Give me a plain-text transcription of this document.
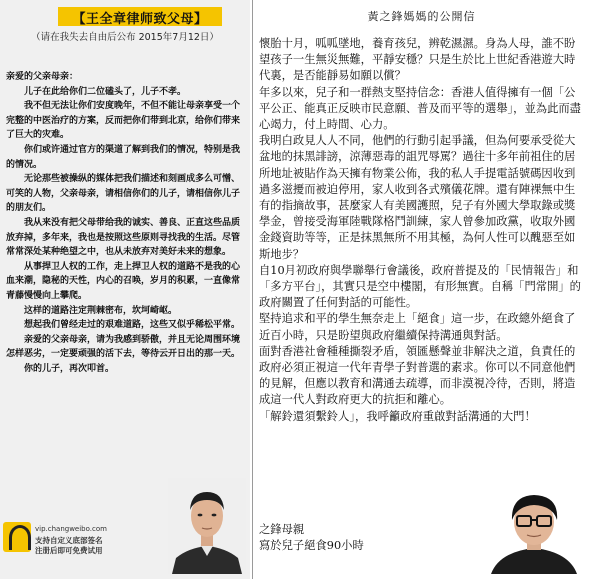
【王全章律师致父母】
（请在我失去自由后公布 2015年7月12日）

亲爱的父亲母亲：

儿子在此给你们二位磕头了，儿子不孝。

我不但无法让你们安度晚年，不但不能让母亲享受一个完整的中医治疗的方案，反而把你们带到北京，给你们带来了巨大的灾难。

你们或许通过官方的渠道了解到我们的情况，特别是我的情况。

无论那些被操纵的媒体把我们描述和刻画成多么可憎、可笑的人物，父亲母亲，请相信你们的儿子，请相信你儿子的朋友们。

我从来没有把父母带给我的诚实、善良、正直这些品质放弃掉，多年来，我也是按照这些原则寻找我的生活。尽管常常深处某种绝望之中，也从未放弃对美好未来的想象。

从事捍卫人权的工作，走上捍卫人权的道路不是我的心血来潮，隐秘的天性，内心的召唤，岁月的积累，一直像常青藤慢慢向上攀爬。

这样的道路注定荆棘密布，坎坷崎岖。

想起我们曾经走过的艰难道路，这些又似乎稀松平常。

亲爱的父亲母亲，请为我感到骄傲，并且无论周围环境怎样恶劣，一定要顽强的活下去，等待云开日出的那一天。

你的儿子，再次叩首。

vip.changweibo.com
支持自定义底部签名
注册后即可免费试用
黃之鋒媽媽的公開信

懷胎十月，呱呱墜地，養育孩兒，辨乾濕濕。身為人母，誰不盼望孩子一生無災無難，平靜安穩？只是生於比上世紀香港遊大時代裏，是否能靜易如願以償？

年多以來，兒子和一群熱支堅持信念：香港人值得擁有一個「公平公正、能真正反映市民意願、普及而平等的選舉」，並為此而盡心竭力，付上時間、心力。

我明白政見人人不同，他們的行動引起爭議，但為何要承受從大盆地的抹黑誹謗，涼薄惡毒的詛咒辱罵？過往十多年前祖住的居所地址被貼作為天擁有物業公佈，我的私人手提電話號碼因收到過多滋擾而被迫停用，家人收到各式殯儀花牌。還有陣裸無中生有的指摘故事，甚麼家人有美國護照，兒子有外國大學取錄或獎學金，曾接受海軍陸戰隊格鬥訓練，家人曾參加政黨，收取外國金錢資助等等，正是抹黑無所不用其極，為何人性可以醜惡至如斯地步？

自10月初政府與學聯舉行會議後，政府普提及的「民情報告」和「多方平台」，其實只是空中樓閣，有形無實。自稱「門常開」的政府關置了任何對話的可能性。

堅持追求和平的學生無奈走上「絕食」這一步，在政總外絕食了近百小時，只是盼望與政府繼續保持溝通與對話。

面對香港社會種種撕裂矛盾，領匯懸聲並非解決之道，負責任的政府必須正視這一代年青學子對普選的素求。你可以不同意他們的見解，但應以教育和溝通去疏導，而非漠視冷待，否則，將造成這一代人對政府更大的抗拒和離心。

「解鈴還須繫鈴人」，我呼籲政府重啟對話溝通的大門！

之鋒母親

寫於兒子絕食90小時
